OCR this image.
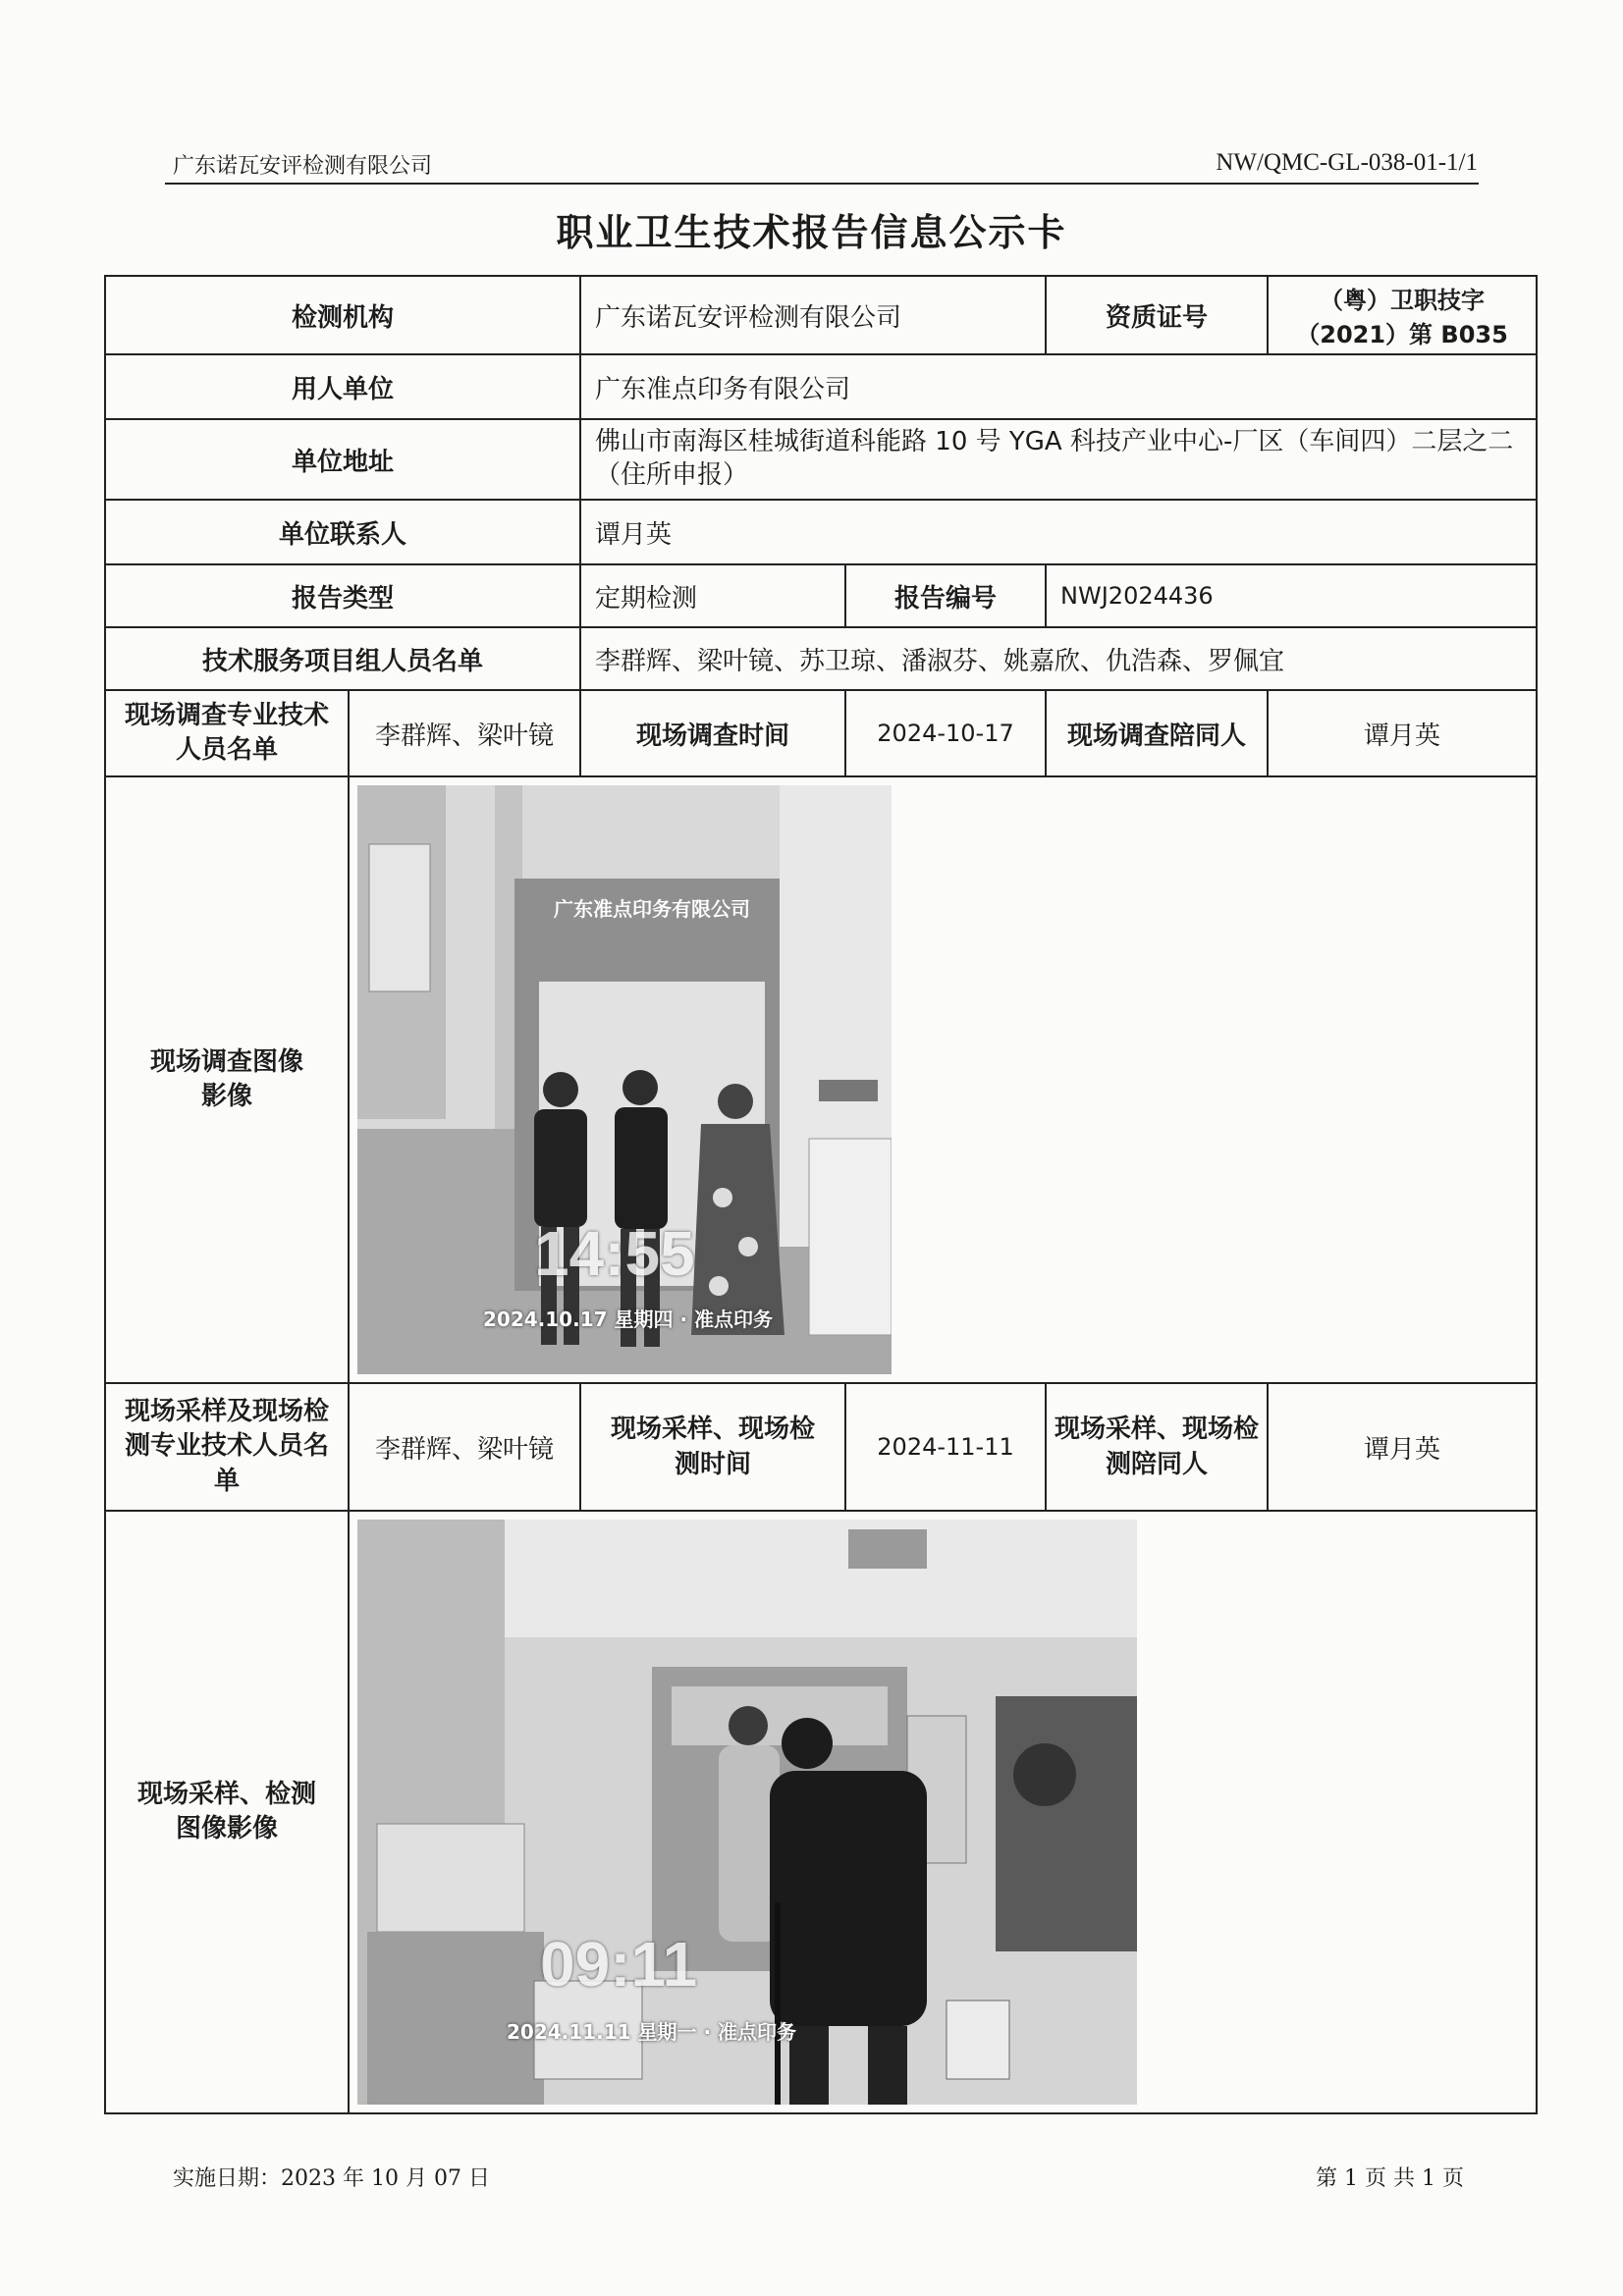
广东诺瓦安评检测有限公司	NW/QMC-GL-038-01-1/1
职业卫生技术报告信息公示卡
检测机构		广东诺瓦安评检测有限公司		资质证号	（粤）卫职技字（2021）第 B035
用人单位		广东准点印务有限公司			
单位地址		佛山市南海区桂城街道科能路 10 号 YGA 科技产业中心-厂区（车间四）二层之二（住所申报）			
单位联系人		谭月英			
报告类型		定期检测	报告编号	NWJ2024436	
技术服务项目组人员名单		李群辉、梁叶镜、苏卫琼、潘淑芬、姚嘉欣、仇浩森、罗佩宜			
现场调查专业技术人员名单	李群辉、梁叶镜	现场调查时间	2024-10-17	现场调查陪同人	谭月英
现场调查图像影像	广东准点印务有限公司
14:55
2024.10.17 星期四 · 准点印务				

现场采样及现场检测专业技术人员名单	李群辉、梁叶镜	现场采样、现场检测时间	2024-11-11	现场采样、现场检测陪同人	谭月英
现场采样、检测图像影像	09:11
2024.11.11 星期一 · 准点印务				
实施日期：2023 年 10 月 07 日	第 1 页 共 1 页
